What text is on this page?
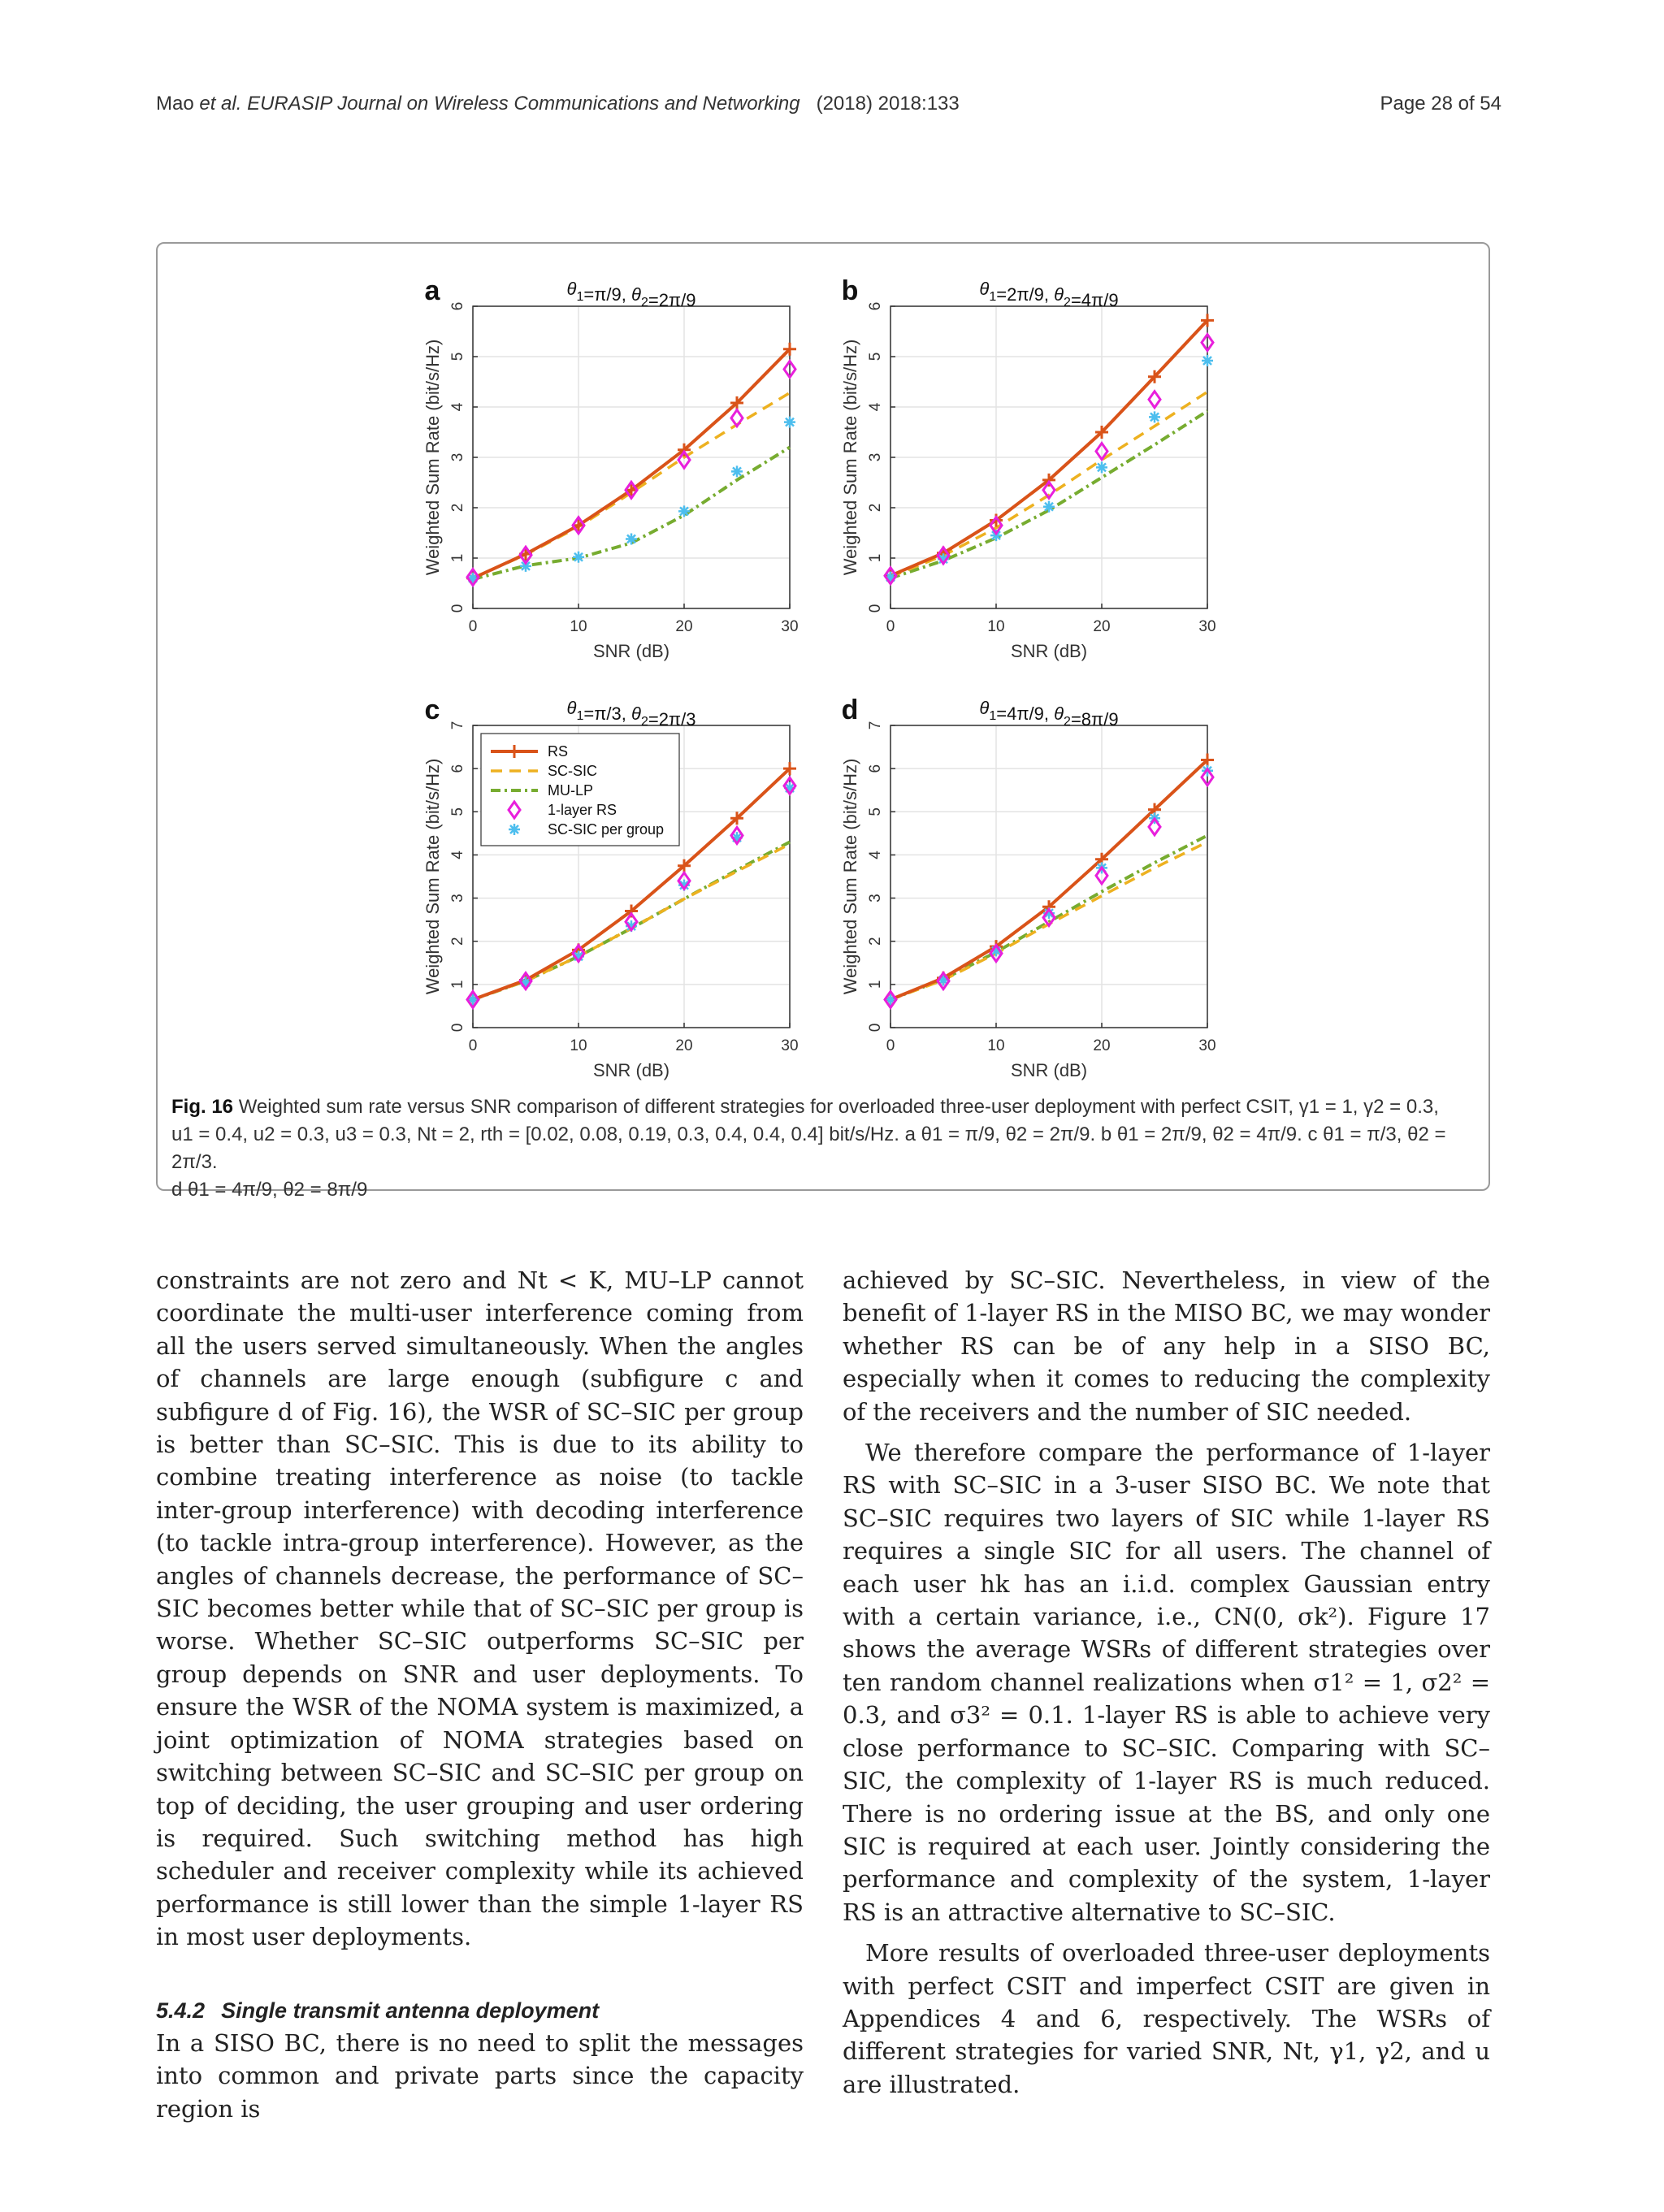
Mao et al. EURASIP Journal on Wireless Communications and Networking (2018) 2018:133	Page 28 of 54
0	10	20	30
0
1
2
3
4
5
6
SNR (dB)
Weighted Sum Rate (bit/s/Hz)
$\theta_1=\pi/9$, $\theta_2=2\pi/9$
a
0	10	20	30
0
1
2
3
4
5
6
SNR (dB)
Weighted Sum Rate (bit/s/Hz)
$\theta_1=2\pi/9$, $\theta_2=4\pi/9$
b
0	10	20	30
0
1
2
3
4
5
6
7
SNR (dB)
Weighted Sum Rate (bit/s/Hz)
$\theta_1=\pi/3$, $\theta_2=2\pi/3$
c
RS
SC-SIC
MU-LP
1-layer RS
SC-SIC per group
0	10	20	30
0
1
2
3
4
5
6
7
SNR (dB)
Weighted Sum Rate (bit/s/Hz)
$\theta_1=4\pi/9$, $\theta_2=8\pi/9$
d
Fig. 16 Weighted sum rate versus SNR comparison of different strategies for overloaded three-user deployment with perfect CSIT, γ1 = 1, γ2 = 0.3,
u1 = 0.4, u2 = 0.3, u3 = 0.3, Nt = 2, rth = [0.02, 0.08, 0.19, 0.3, 0.4, 0.4, 0.4] bit/s/Hz. a θ1 = π/9, θ2 = 2π/9. b θ1 = 2π/9, θ2 = 4π/9. c θ1 = π/3, θ2 = 2π/3.
d θ1 = 4π/9, θ2 = 8π/9

constraints are not zero and Nt < K, MU–LP cannot coordinate the multi-user interference coming from all the users served simultaneously. When the angles of channels are large enough (subfigure c and subfigure d of Fig. 16), the WSR of SC–SIC per group is better than SC–SIC. This is due to its ability to combine treating interference as noise (to tackle inter-group interference) with decoding interference (to tackle intra-group interference). However, as the angles of channels decrease, the performance of SC–SIC becomes better while that of SC–SIC per group is worse. Whether SC–SIC outperforms SC–SIC per group depends on SNR and user deployments. To ensure the WSR of the NOMA system is maximized, a joint optimization of NOMA strategies based on switching between SC–SIC and SC–SIC per group on top of deciding, the user grouping and user ordering is required. Such switching method has high scheduler and receiver complexity while its achieved performance is still lower than the simple 1-layer RS in most user deployments.

5.4.2 Single transmit antenna deployment

In a SISO BC, there is no need to split the messages into common and private parts since the capacity region is

achieved by SC–SIC. Nevertheless, in view of the benefit of 1-layer RS in the MISO BC, we may wonder whether RS can be of any help in a SISO BC, especially when it comes to reducing the complexity of the receivers and the number of SIC needed.

We therefore compare the performance of 1-layer RS with SC–SIC in a 3-user SISO BC. We note that SC–SIC requires two layers of SIC while 1-layer RS requires a single SIC for all users. The channel of each user hk has an i.i.d. complex Gaussian entry with a certain variance, i.e., CN(0, σk²). Figure 17 shows the average WSRs of different strategies over ten random channel realizations when σ1² = 1, σ2² = 0.3, and σ3² = 0.1. 1-layer RS is able to achieve very close performance to SC–SIC. Comparing with SC–SIC, the complexity of 1-layer RS is much reduced. There is no ordering issue at the BS, and only one SIC is required at each user. Jointly considering the performance and complexity of the system, 1-layer RS is an attractive alternative to SC–SIC.

More results of overloaded three-user deployments with perfect CSIT and imperfect CSIT are given in Appendices 4 and 6, respectively. The WSRs of different strategies for varied SNR, Nt, γ1, γ2, and u are illustrated.
